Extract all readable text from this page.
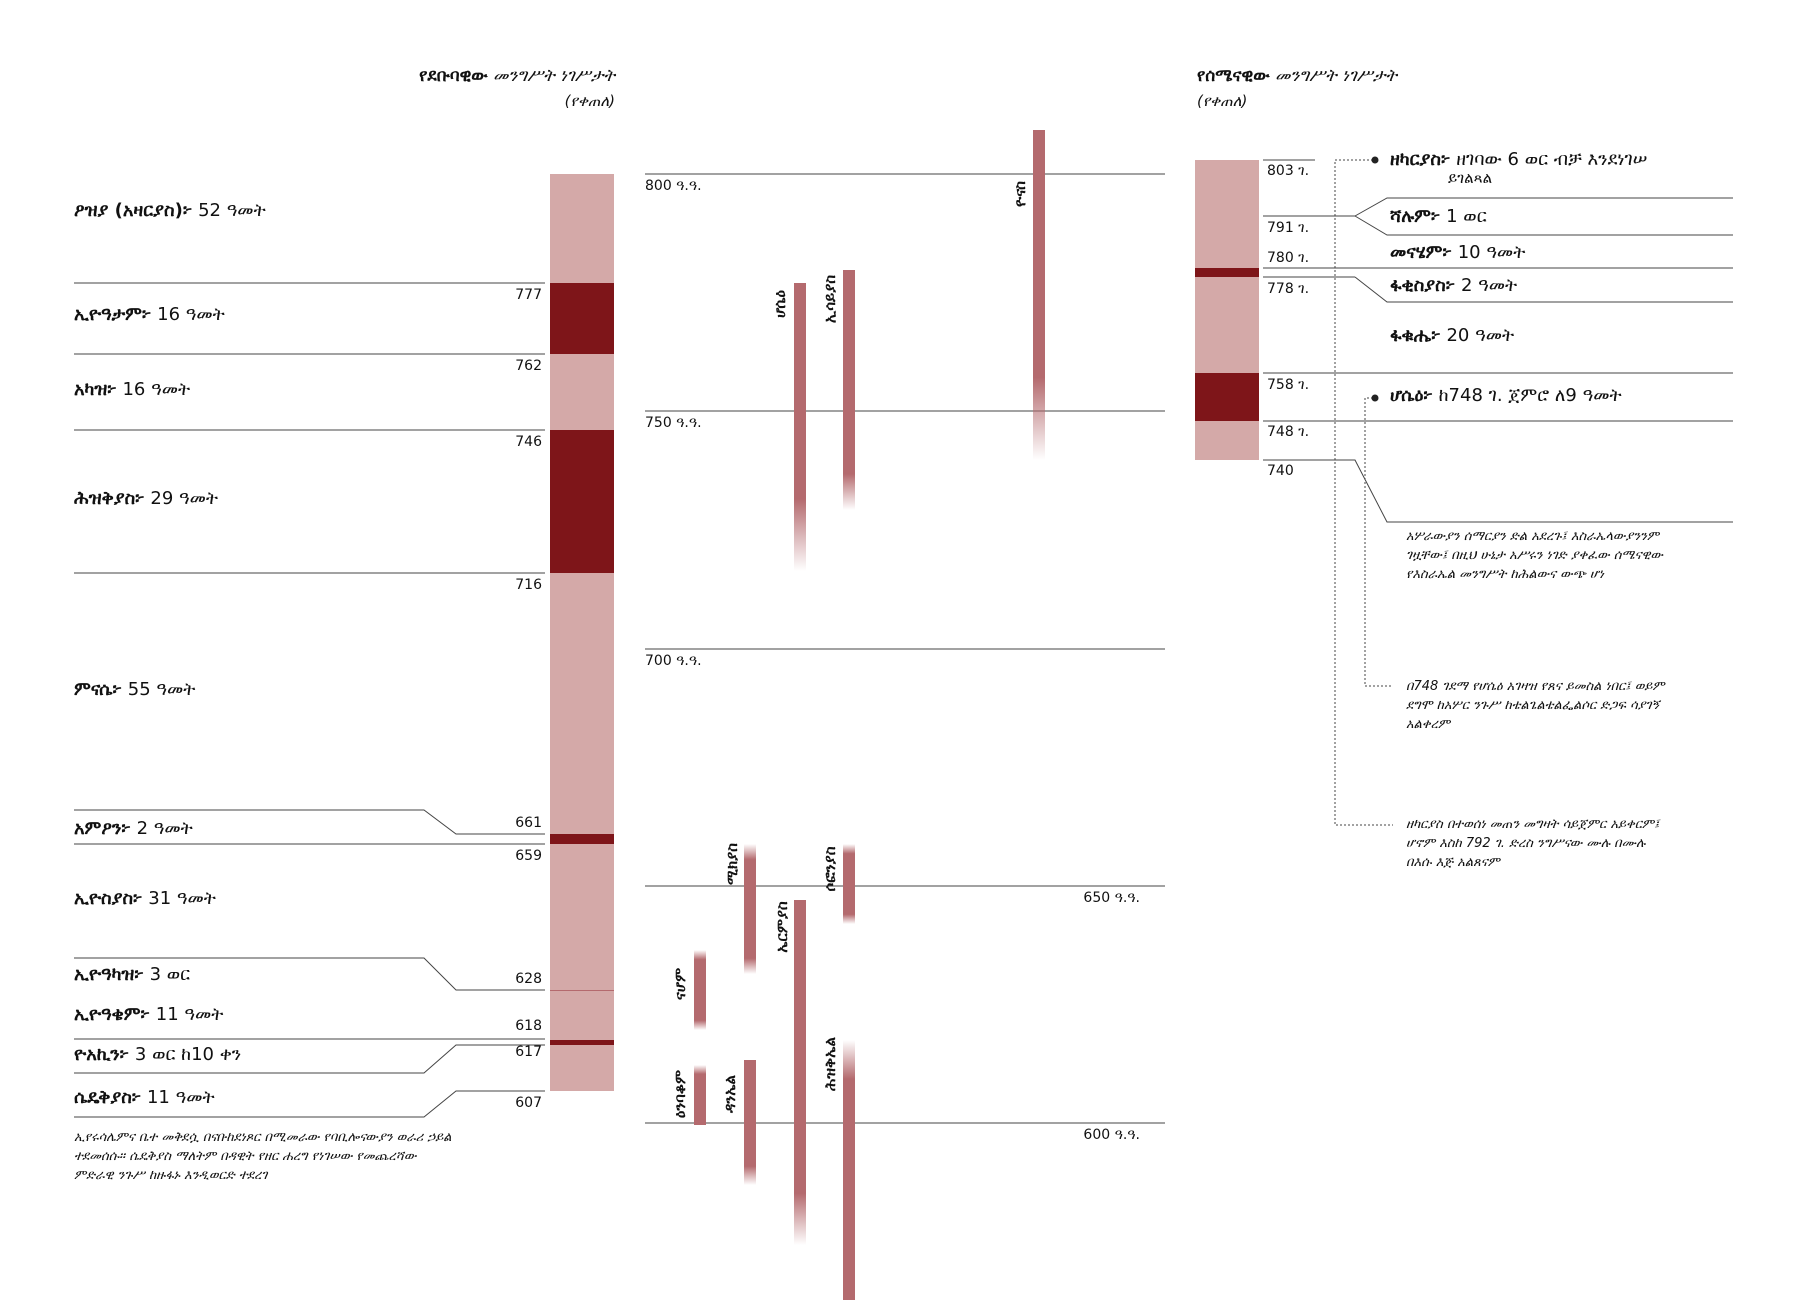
የደቡባዊው መንግሥት ነገሥታት
(የቀጠለ)
የሰሜናዊው መንግሥት ነገሥታት
(የቀጠለ)
ዖዝያ (አዛርያስ)፦ 52 ዓመት
ኢዮዓታም፦ 16 ዓመት
አካዝ፦ 16 ዓመት
ሕዝቅያስ፦ 29 ዓመት
ምናሴ፦ 55 ዓመት
አምዖን፦ 2 ዓመት
ኢዮስያስ፦ 31 ዓመት
ኢዮዓካዝ፦ 3 ወር
ኢዮዓቄም፦ 11 ዓመት
ዮአኪን፦ 3 ወር ከ10 ቀን
ሴዴቅያስ፦ 11 ዓመት
777
762
746
716
661
659
628
618
617
607
ኢየሩሳሌምና ቤተ መቅደሷ በናቡከደነጾር በሚመራው የባቢሎናውያን ወራሪ ኃይል ተደመሰሱ። ሴዴቅያስ ማለትም በዳዊት የዘር ሐረግ የነገሠው የመጨረሻው ምድራዊ ንጉሥ ከዙፋኑ እንዲወርድ ተደረገ
800 ዓ.ዓ.
750 ዓ.ዓ.
700 ዓ.ዓ.
650 ዓ.ዓ.
600 ዓ.ዓ.
ዮናስ
ሆሴዕ ኢሳይያስ
ሚክያስ	ሶፎንያስ
ኤርምያስ
ናሆም
ዕንባቆም ዳንኤል
ሕዝቅኤል
803 ገ.
791 ገ.
780 ገ.
778 ገ.
758 ገ.
748 ገ.
740
ዘካርያስ፦ ዘገባው 6 ወር ብቻ እንደነገሠ
ይገልጻል
ሻሉም፦ 1 ወር
መናሄም፦ 10 ዓመት
ፋቂስያስ፦ 2 ዓመት
ፋቁሔ፦ 20 ዓመት
ሆሴዕ፦ ከ748 ገ. ጀምሮ ለ9 ዓመት
አሦራውያን ሰማርያን ድል አደረጉ፤ እስራኤላውያንንም ገዟቸው፤ በዚህ ሁኔታ አሥሩን ነገድ ያቀፈው ሰሜናዊው የእስራኤል መንግሥት ከሕልውና ውጭ ሆነ
በ748 ገደማ የሆሴዕ አገዛዝ የጸና ይመስል ነበር፤ ወይም ደግሞ ከአሦር ንጉሥ ከቴልጌልቴልፌልሶር ድጋፍ ሳያገኝ አልቀረም
ዘካርያስ በተወሰነ መጠን መግዛት ሳይጀምር አይቀርም፤ ሆኖም እስከ 792 ገ. ድረስ ንግሥናው ሙሉ በሙሉ በእሱ እጅ አልጸናም
